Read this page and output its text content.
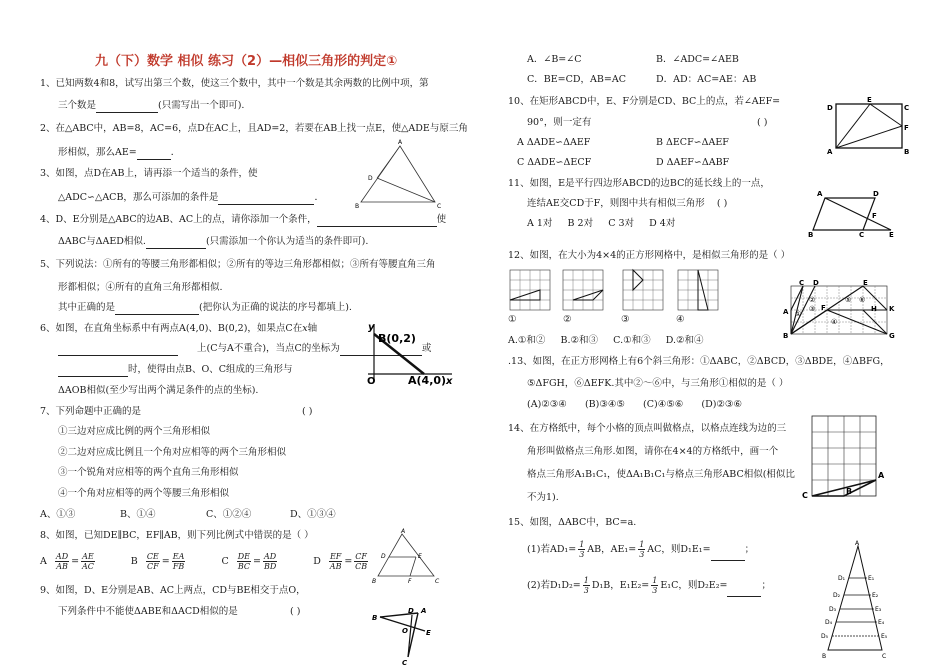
九（下）数学 相似 练习（2）—相似三角形的判定①
1、已知两数4和8，试写出第三个数，使这三个数中，其中一个数是其余两数的比例中项，第
三个数是	(只需写出一个即可).
2、在△ABC中，AB=8，AC=6，点D在AC上，且AD=2，若要在AB上找一点E，使△ADE与原三角
形相似，那么AE=	．
3、如图，点D在AB上，请再添一个适当的条件，使
△ADC∽△ACB，那么可添加的条件是	．
A
D
B	C
4、D、E分别是△ABC的边AB、AC上的点，请你添加一个条件，	使
ΔABC与ΔAED相似.	(只需添加一个你认为适当的条件即可).
5、下列说法：①所有的等腰三角形都相似；②所有的等边三角形都相似；③所有等腰直角三角
形都相似；④所有的直角三角形都相似.
其中正确的是	(把你认为正确的说法的序号都填上).
6、如图，在直角坐标系中有两点A(4,0)、B(0,2)，如果点C在x轴

上(C与A不重合)，当点C的坐标为	或
时，使得由点B、O、C组成的三角形与
ΔAOB相似(至少写出两个满足条件的点的坐标).
B(0,2)
y
O	A(4,0) x
7、下列命题中正确的是	( )
①三边对应成比例的两个三角形相似
②二边对应成比例且一个角对应相等的两个三角形相似
③一个锐角对应相等的两个直角三角形相似
④一个角对应相等的两个等腰三角形相似
A、①③	B、①④	C、①②④	D、①③④
8、如图，已知DE∥BC，EF∥AB，则下列比例式中错误的是（ ）
A $\frac{AD}{AB} = \frac{AE}{AC}$	B $\frac{CE}{CF} = \frac{EA}{FB}$	C $\frac{DE}{BC} = \frac{AD}{BD}$	D $\frac{EF}{AB} = \frac{CF}{CB}$
A
D	E
B	F	C
9、如图，D、E分别是AB、AC上两点，CD与BE相交于点O，
下列条件中不能使ΔABE和ΔACD相似的是	( )	A
B
D
O	E
C
A．∠B=∠C	B．∠ADC=∠AEB
C．BE=CD，AB=AC	D．AD：AC=AE：AB
10、在矩形ABCD中，E、F分别是CD、BC上的点，若∠AEF=
90°，则一定有	( )
A ΔADE∽ΔAEF	B ΔECF∽ΔAEF
C ΔADE∽ΔECF	D ΔAEF∽ΔABF
D
E
C
F
A	B
11、如图，E是平行四边形ABCD的边BC的延长线上的一点，
连结AE交CD于F，则图中共有相似三角形 ( )
A 1对 B 2对 C 3对 D 4对
A	D
F
B	C	E
12、如图，在大小为4×4的正方形网格中，是相似三角形的是（ ）
①	②	③	④
A.①和② B.②和③ C.①和③ D.②和④
C D	E
A
B
F	H K
G
②
③
⑥
⑤
①
④
.13、如图，在正方形网格上有6个斜三角形：①ΔABC，②ΔBCD，③ΔBDE，④ΔBFG，
⑤ΔFGH，⑥ΔEFK.其中②～⑥中，与三角形①相似的是（ ）
(A)②③④ (B)③④⑤ (C)④⑤⑥ (D)②③⑥
14、在方格纸中，每个小格的顶点叫做格点，以格点连线为边的三
角形叫做格点三角形.如图，请你在4×4的方格纸中，画一个
格点三角形A₁B₁C₁，使ΔA₁B₁C₁与格点三角形ABC相似(相似比
不为1).
A
C	B
15、如图，ΔABC中，BC=a.
(1)若$AD_1= \frac{1}{3}$ AB，$AE_1= \frac{1}{3}$ AC，则D₁E₁=	；
(2)若$D_1D_2= \frac{1}{3} D_1B$，$E_1E_2= \frac{1}{3} E_1C$，则D₂E₂=	；
A
D₁	E₁
D₂	E₂
D₃	E₃
D₄	E₄
D₅	E₅
B	C
